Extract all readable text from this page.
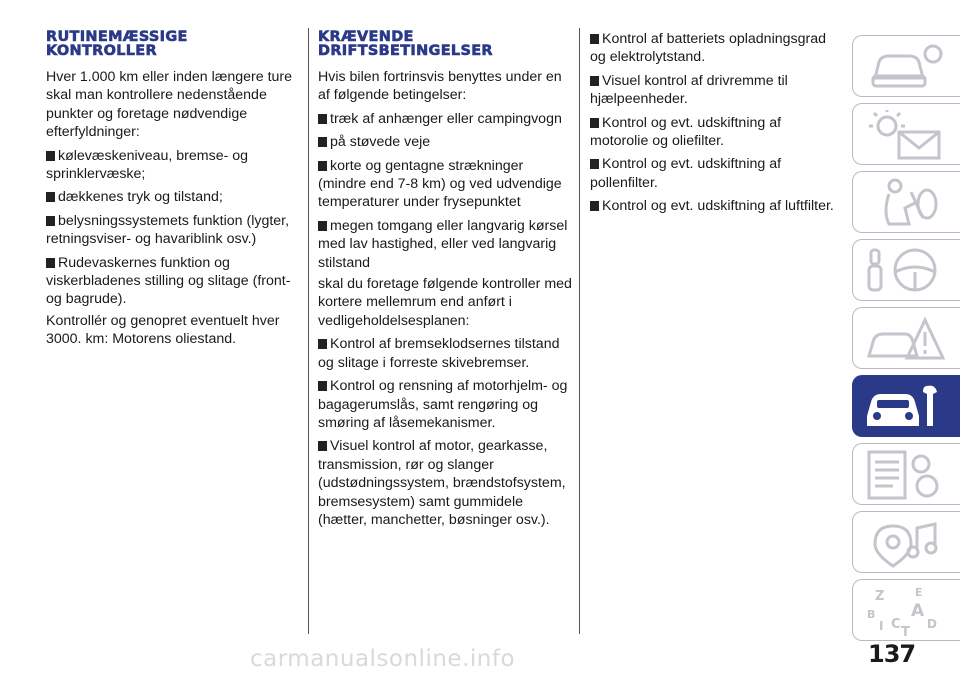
RUTINEMÆSSIGE
KONTROLLER

Hver 1.000 km eller inden længere ture skal man kontrollere nedenstående punkter og foretage nødvendige efterfyldninger:

kølevæskeniveau, bremse- og sprinklervæske;

dækkenes tryk og tilstand;

belysningssystemets funktion (lygter, retningsviser- og havariblink osv.)

Rudevaskernes funktion og viskerbladenes stilling og slitage (front- og bagrude).

Kontrollér og genopret eventuelt hver 3000. km: Motorens oliestand.

KRÆVENDE
DRIFTSBETINGELSER

Hvis bilen fortrinsvis benyttes under en af følgende betingelser:

træk af anhænger eller campingvogn

på støvede veje

korte og gentagne strækninger (mindre end 7-8 km) og ved udvendige temperaturer under frysepunktet

megen tomgang eller langvarig kørsel med lav hastighed, eller ved langvarig stilstand

skal du foretage følgende kontroller med kortere mellemrum end anført i vedligeholdelsesplanen:

Kontrol af bremseklodsernes tilstand og slitage i forreste skivebremser.

Kontrol og rensning af motorhjelm- og bagagerumslås, samt rengøring og smøring af låsemekanismer.

Visuel kontrol af motor, gearkasse, transmission, rør og slanger (udstødningssystem, brændstofsystem, bremsesystem) samt gummidele (hætter, manchetter, bøsninger osv.).

Kontrol af batteriets opladningsgrad og elektrolytstand.

Visuel kontrol af drivremme til hjælpeenheder.

Kontrol og evt. udskiftning af motorolie og oliefilter.

Kontrol og evt. udskiftning af pollenfilter.

Kontrol og evt. udskiftning af luftfilter.

Z	E
B A
C D
I T
137
carmanualsonline.info
